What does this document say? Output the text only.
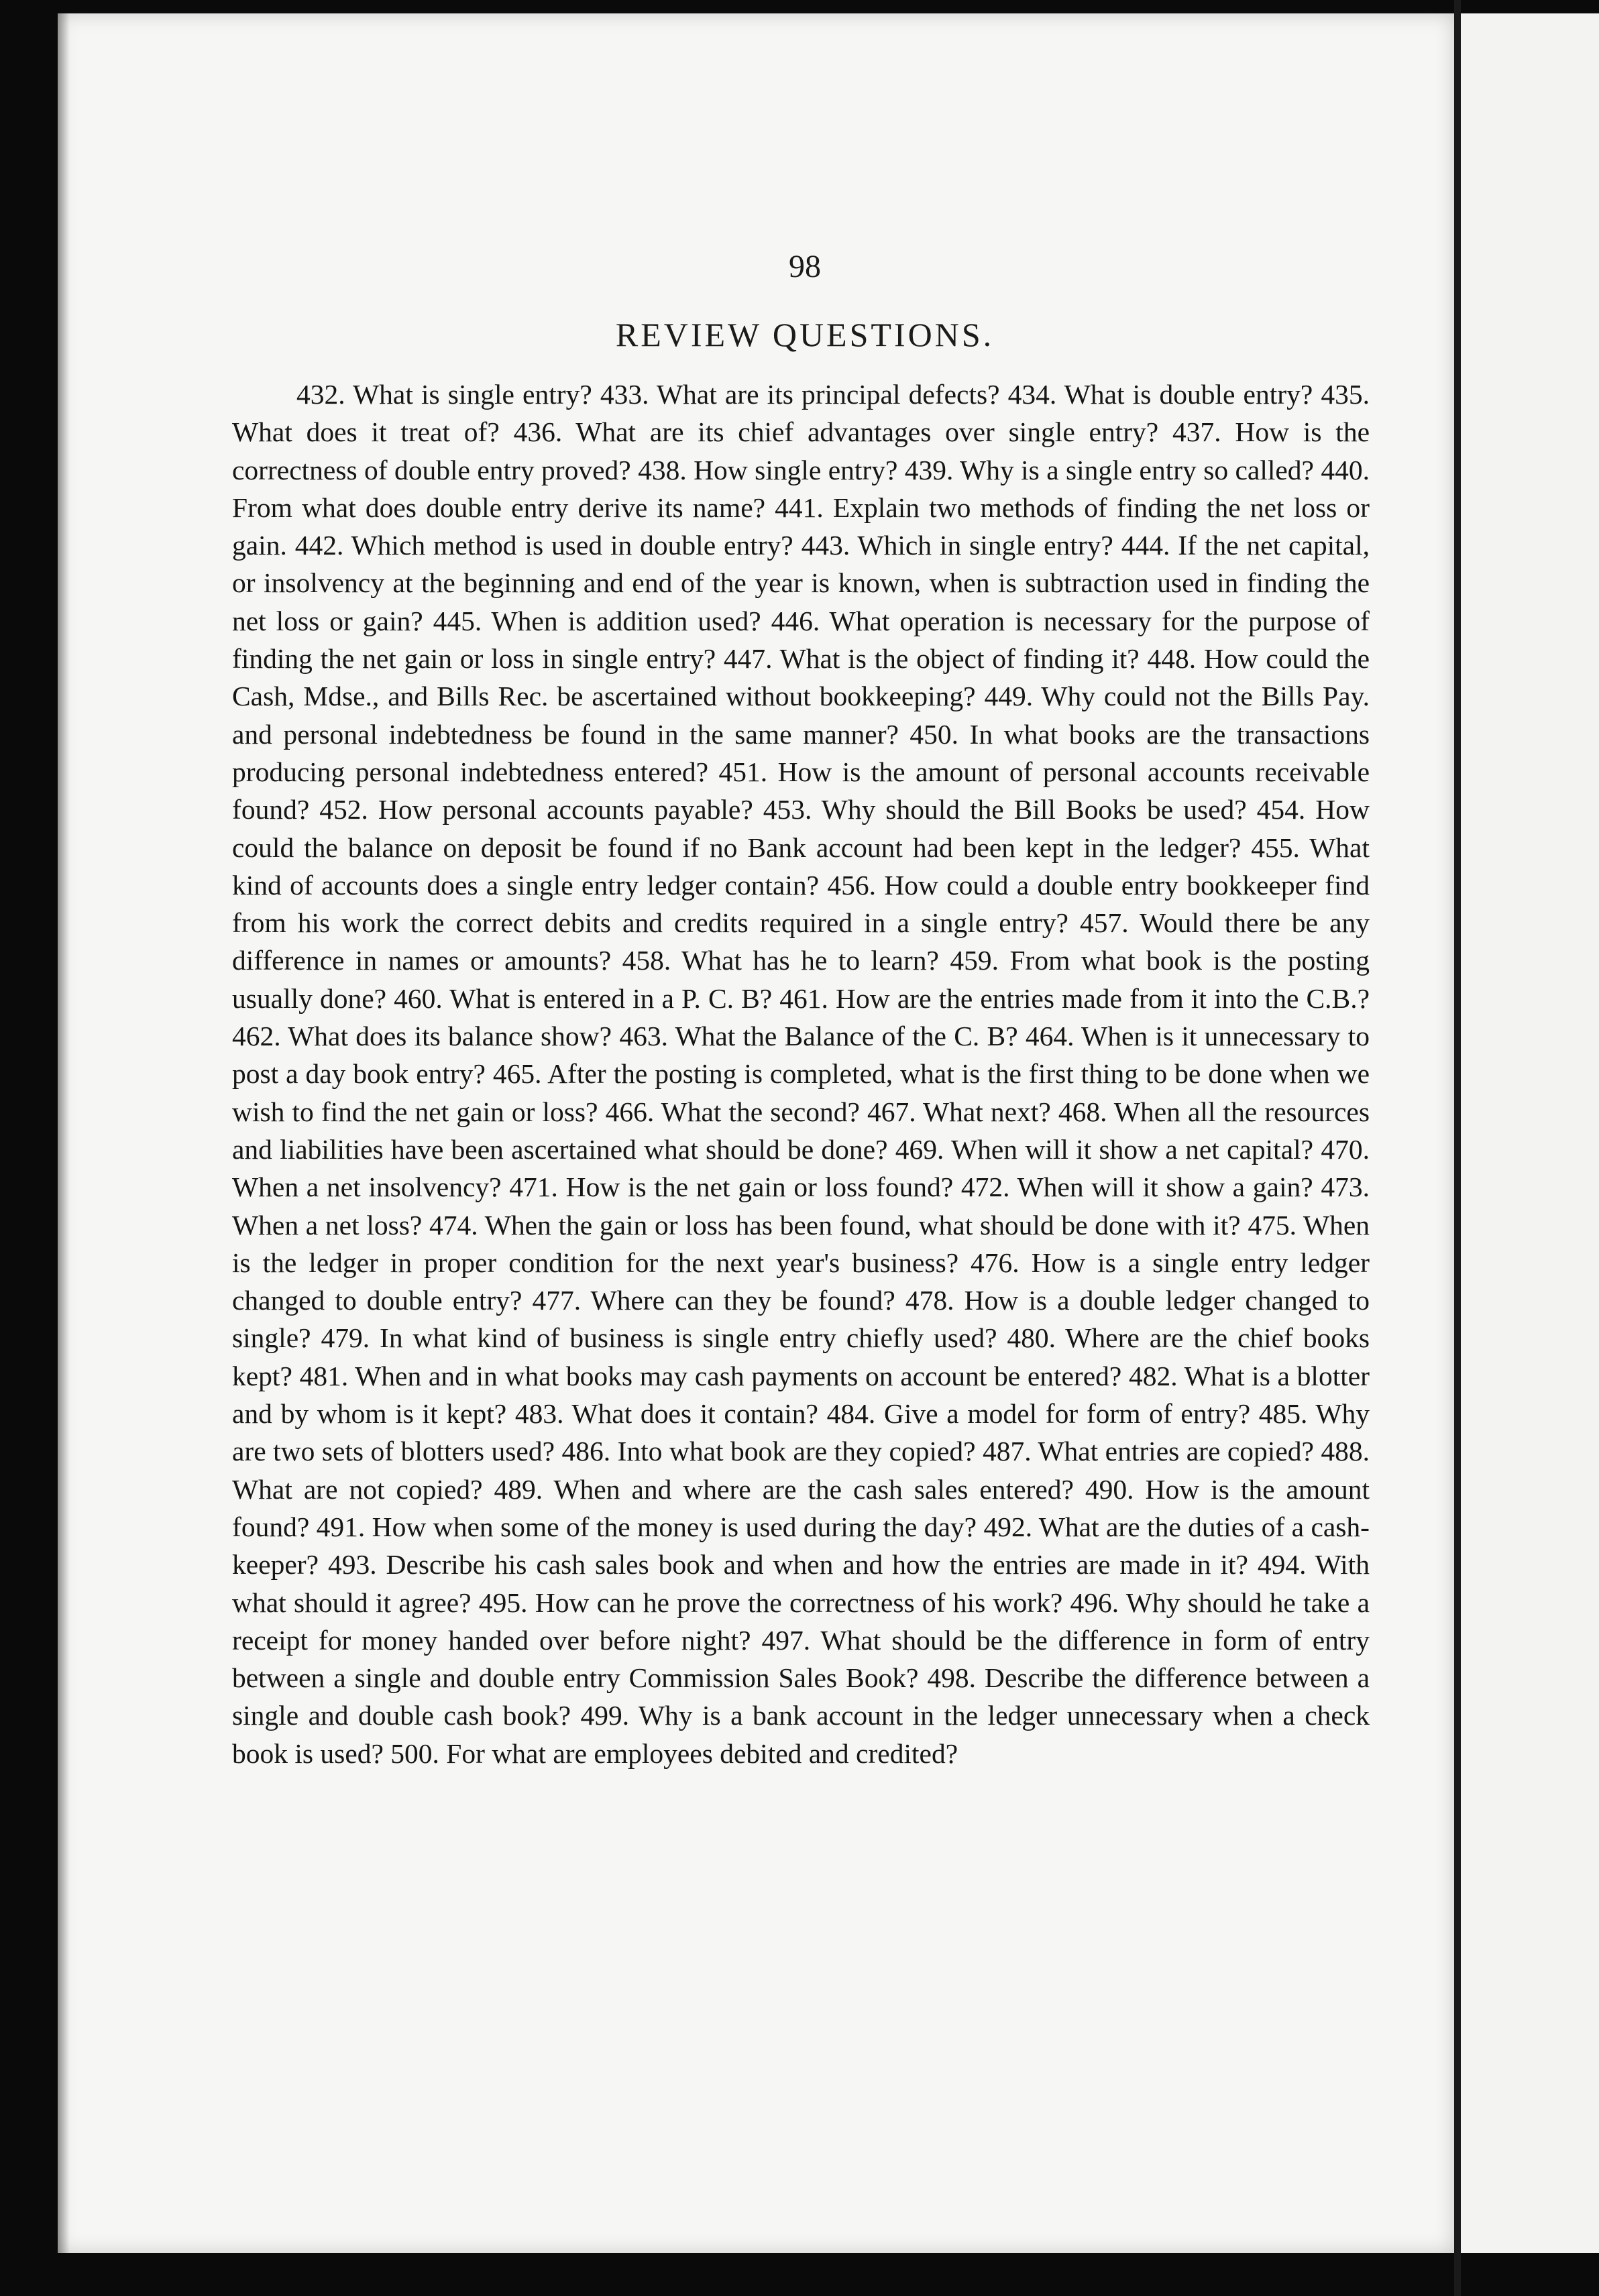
98
REVIEW QUESTIONS.

432. What is single entry? 433. What are its principal defects? 434. What is double entry? 435. What does it treat of? 436. What are its chief advantages over single entry? 437. How is the correctness of double entry proved? 438. How single entry? 439. Why is a single entry so called? 440. From what does double entry derive its name? 441. Explain two methods of finding the net loss or gain. 442. Which method is used in double entry? 443. Which in single entry? 444. If the net capital, or insolvency at the beginning and end of the year is known, when is subtraction used in finding the net loss or gain? 445. When is addition used? 446. What operation is necessary for the purpose of finding the net gain or loss in single entry? 447. What is the object of finding it? 448. How could the Cash, Mdse., and Bills Rec. be ascertained without bookkeeping? 449. Why could not the Bills Pay. and personal indebtedness be found in the same manner? 450. In what books are the transactions producing personal indebtedness entered? 451. How is the amount of personal accounts receivable found? 452. How personal accounts payable? 453. Why should the Bill Books be used? 454. How could the balance on deposit be found if no Bank account had been kept in the ledger? 455. What kind of accounts does a single entry ledger contain? 456. How could a double entry bookkeeper find from his work the correct debits and credits required in a single entry? 457. Would there be any difference in names or amounts? 458. What has he to learn? 459. From what book is the posting usually done? 460. What is entered in a P. C. B? 461. How are the entries made from it into the C.B.? 462. What does its balance show? 463. What the Balance of the C. B? 464. When is it unnecessary to post a day book entry? 465. After the posting is completed, what is the first thing to be done when we wish to find the net gain or loss? 466. What the second? 467. What next? 468. When all the resources and liabilities have been ascertained what should be done? 469. When will it show a net capital? 470. When a net insolvency? 471. How is the net gain or loss found? 472. When will it show a gain? 473. When a net loss? 474. When the gain or loss has been found, what should be done with it? 475. When is the ledger in proper condition for the next year's business? 476. How is a single entry ledger changed to double entry? 477. Where can they be found? 478. How is a double ledger changed to single? 479. In what kind of business is single entry chiefly used? 480. Where are the chief books kept? 481. When and in what books may cash payments on account be entered? 482. What is a blotter and by whom is it kept? 483. What does it contain? 484. Give a model for form of entry? 485. Why are two sets of blotters used? 486. Into what book are they copied? 487. What entries are copied? 488. What are not copied? 489. When and where are the cash sales entered? 490. How is the amount found? 491. How when some of the money is used during the day? 492. What are the duties of a cash-keeper? 493. Describe his cash sales book and when and how the entries are made in it? 494. With what should it agree? 495. How can he prove the correctness of his work? 496. Why should he take a receipt for money handed over before night? 497. What should be the difference in form of entry between a single and double entry Commission Sales Book? 498. Describe the difference between a single and double cash book? 499. Why is a bank account in the ledger unnecessary when a check book is used? 500. For what are employees debited and credited?
